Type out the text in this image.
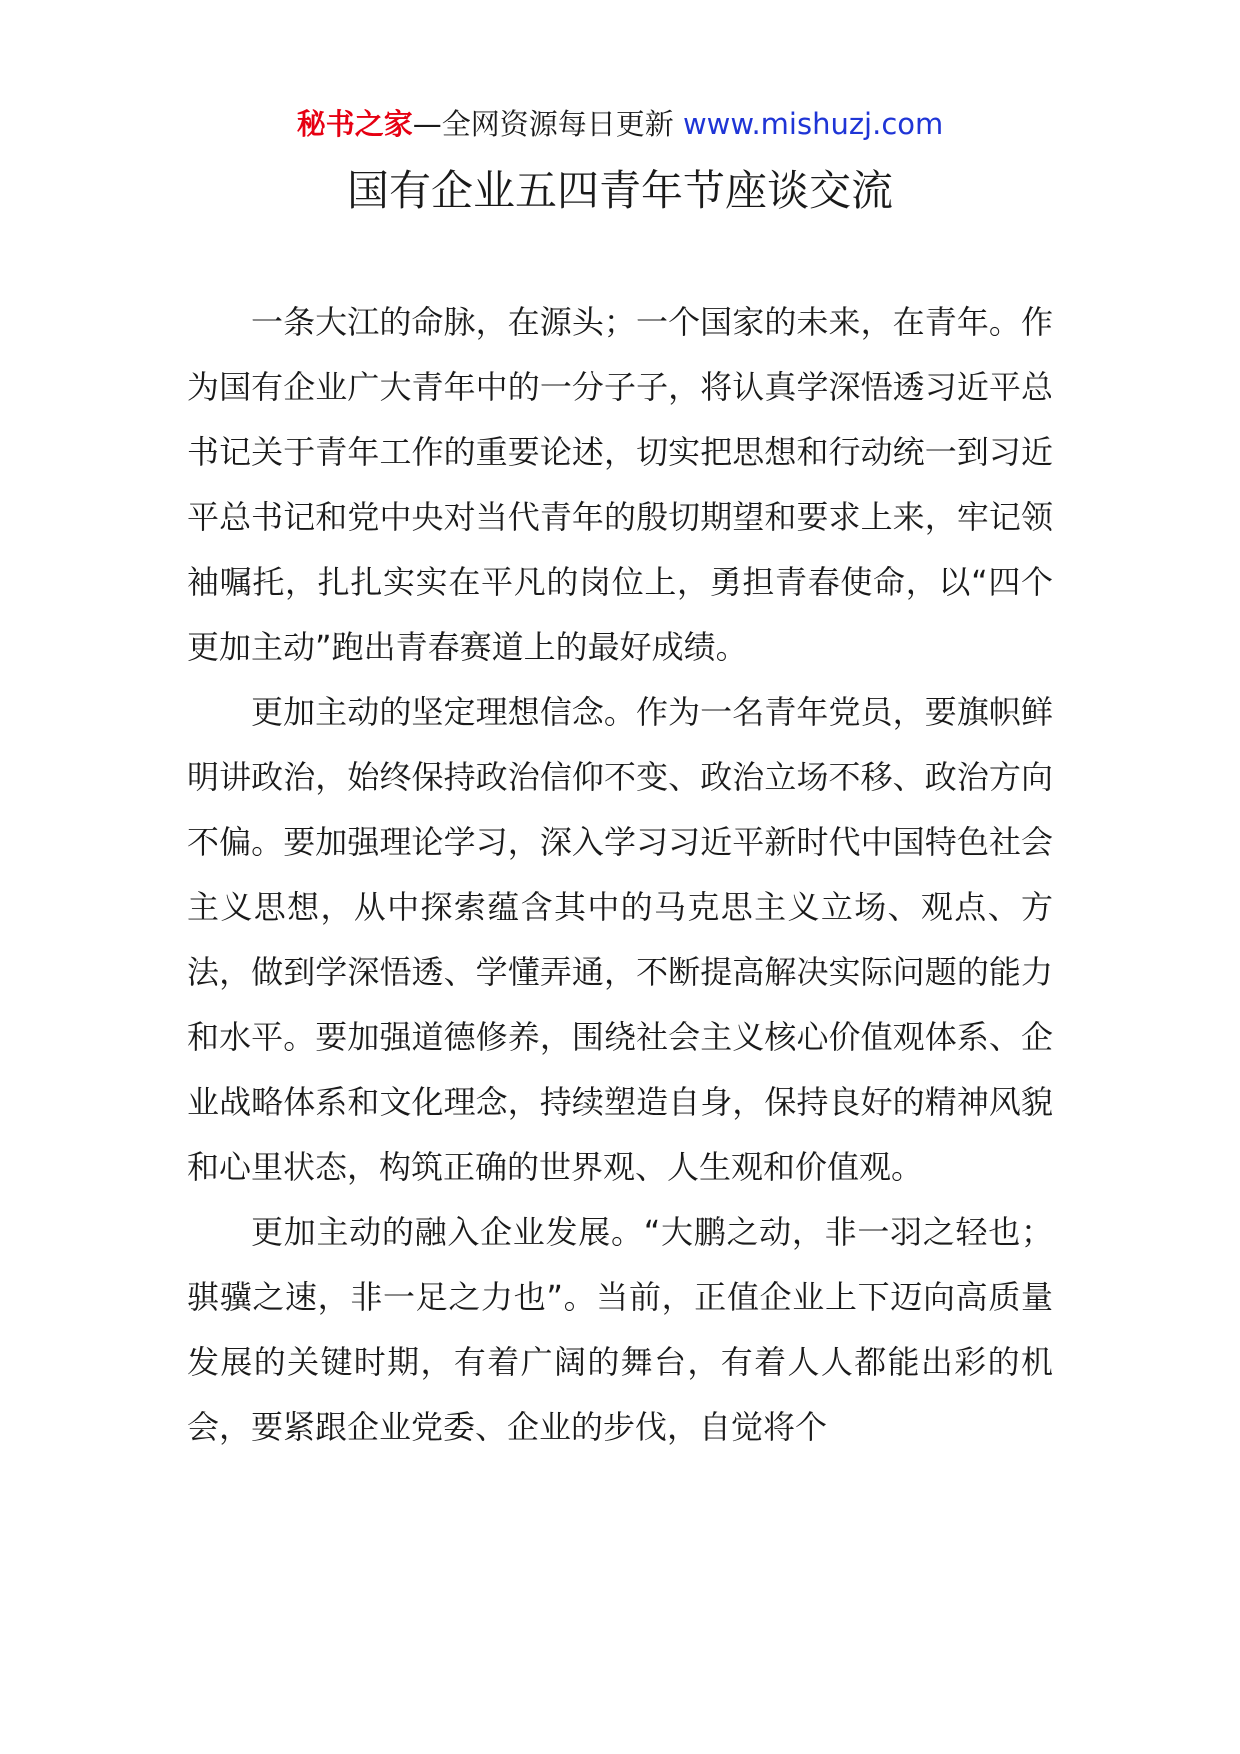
秘书之家—全网资源每日更新 www.mishuzj.com
国有企业五四青年节座谈交流

一条大江的命脉，在源头；一个国家的未来，在青年。作为国有企业广大青年中的一分子子，将认真学深悟透习近平总书记关于青年工作的重要论述，切实把思想和行动统一到习近平总书记和党中央对当代青年的殷切期望和要求上来，牢记领袖嘱托，扎扎实实在平凡的岗位上，勇担青春使命，以“四个更加主动”跑出青春赛道上的最好成绩。

更加主动的坚定理想信念。作为一名青年党员，要旗帜鲜明讲政治，始终保持政治信仰不变、政治立场不移、政治方向不偏。要加强理论学习，深入学习习近平新时代中国特色社会主义思想，从中探索蕴含其中的马克思主义立场、观点、方法，做到学深悟透、学懂弄通，不断提高解决实际问题的能力和水平。要加强道德修养，围绕社会主义核心价值观体系、企业战略体系和文化理念，持续塑造自身，保持良好的精神风貌和心里状态，构筑正确的世界观、人生观和价值观。

更加主动的融入企业发展。“大鹏之动，非一羽之轻也；骐骥之速，非一足之力也”。当前，正值企业上下迈向高质量发展的关键时期，有着广阔的舞台，有着人人都能出彩的机会，要紧跟企业党委、企业的步伐，自觉将个
